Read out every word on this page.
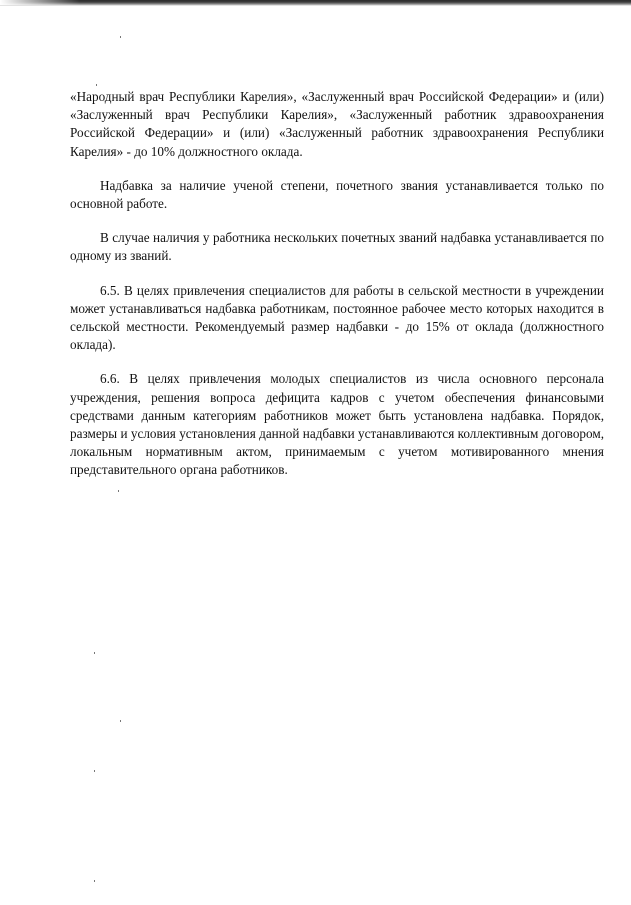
«Народный врач Республики Карелия», «Заслуженный врач Российской Федерации» и (или) «Заслуженный врач Республики Карелия», «Заслуженный работник здравоохранения Российской Федерации» и (или) «Заслуженный работник здравоохранения Республики Карелия» - до 10% должностного оклада.

Надбавка за наличие ученой степени, почетного звания устанавливается только по основной работе.

В случае наличия у работника нескольких почетных званий надбавка устанавливается по одному из званий.

6.5. В целях привлечения специалистов для работы в сельской местности в учреждении может устанавливаться надбавка работникам, постоянное рабочее место которых находится в сельской местности. Рекомендуемый размер надбавки - до 15% от оклада (должностного оклада).

6.6. В целях привлечения молодых специалистов из числа основного персонала учреждения, решения вопроса дефицита кадров с учетом обеспечения финансовыми средствами данным категориям работников может быть установлена надбавка. Порядок, размеры и условия установления данной надбавки устанавливаются коллективным договором, локальным нормативным актом, принимаемым с учетом мотивированного мнения представительного органа работников.
